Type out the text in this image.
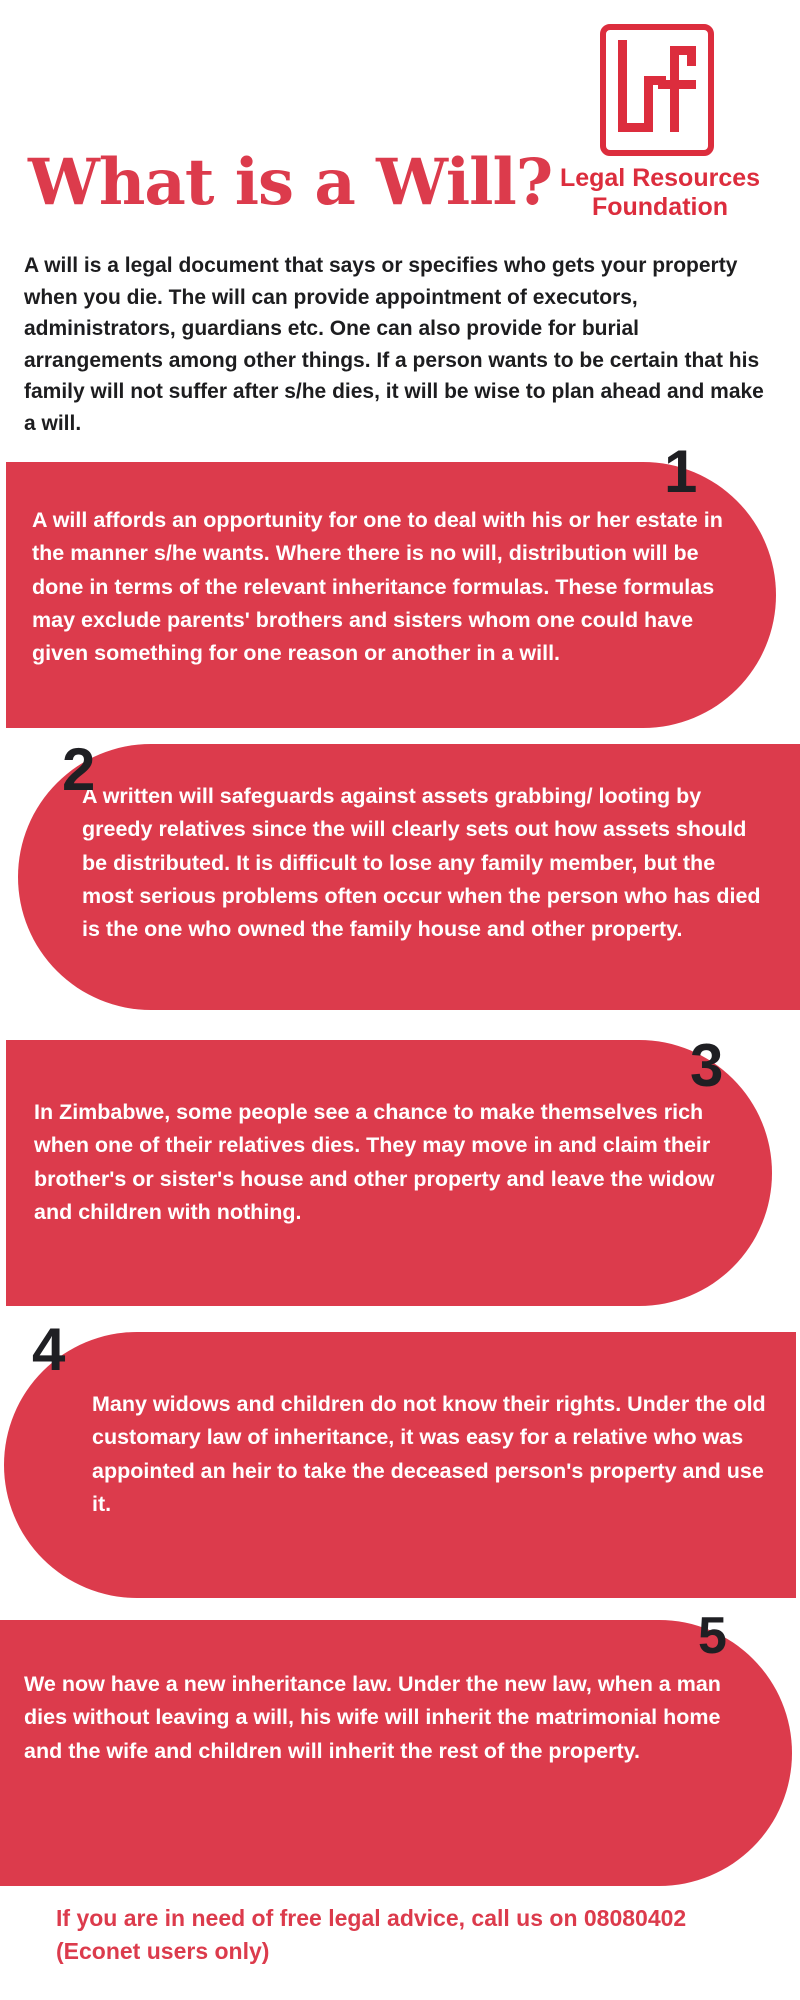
What is a Will? Legal Resources
Foundation

A will is a legal document that says or specifies who gets your property when you die. The will can provide appointment of executors, administrators, guardians etc. One can also provide for burial arrangements among other things. If a person wants to be certain that his family will not suffer after s/he dies, it will be wise to plan ahead and make a will.

A will affords an opportunity for one to deal with his or her estate in the manner s/he wants. Where there is no will, distribution will be done in terms of the relevant inheritance formulas. These formulas may exclude parents' brothers and sisters whom one could have given something for one reason or another in a will.

1

A written will safeguards against assets grabbing/ looting by greedy relatives since the will clearly sets out how assets should be distributed. It is difficult to lose any family member, but the most serious problems often occur when the person who has died is the one who owned the family house and other property.

2

In Zimbabwe, some people see a chance to make themselves rich when one of their relatives dies. They may move in and claim their brother's or sister's house and other property and leave the widow and children with nothing.

3

Many widows and children do not know their rights. Under the old customary law of inheritance, it was easy for a relative who was appointed an heir to take the deceased person's property and use it.

4

We now have a new inheritance law. Under the new law, when a man dies without leaving a will, his wife will inherit the matrimonial home and the wife and children will inherit the rest of the property.

5

If you are in need of free legal advice, call us on 08080402 (Econet users only)
